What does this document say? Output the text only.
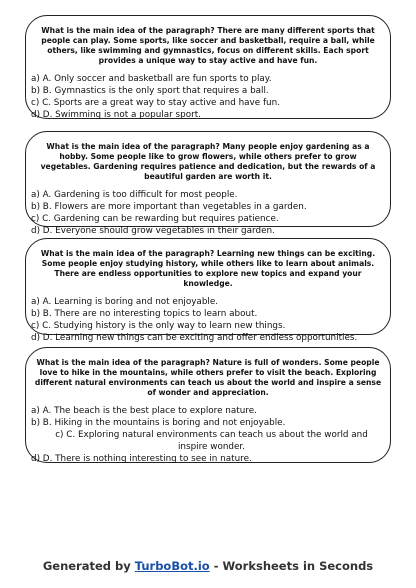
What is the main idea of the paragraph? There are many different sports that people can play. Some sports, like soccer and basketball, require a ball, while others, like swimming and gymnastics, focus on different skills. Each sport provides a unique way to stay active and have fun.

a) A. Only soccer and basketball are fun sports to play.
b) B. Gymnastics is the only sport that requires a ball.
c) C. Sports are a great way to stay active and have fun.
d) D. Swimming is not a popular sport.

What is the main idea of the paragraph? Many people enjoy gardening as a hobby. Some people like to grow flowers, while others prefer to grow vegetables. Gardening requires patience and dedication, but the rewards of a beautiful garden are worth it.

a) A. Gardening is too difficult for most people.
b) B. Flowers are more important than vegetables in a garden.
c) C. Gardening can be rewarding but requires patience.
d) D. Everyone should grow vegetables in their garden.

What is the main idea of the paragraph? Learning new things can be exciting. Some people enjoy studying history, while others like to learn about animals. There are endless opportunities to explore new topics and expand your knowledge.

a) A. Learning is boring and not enjoyable.
b) B. There are no interesting topics to learn about.
c) C. Studying history is the only way to learn new things.
d) D. Learning new things can be exciting and offer endless opportunities.

What is the main idea of the paragraph? Nature is full of wonders. Some people love to hike in the mountains, while others prefer to visit the beach. Exploring different natural environments can teach us about the world and inspire a sense of wonder and appreciation.

a) A. The beach is the best place to explore nature.
b) B. Hiking in the mountains is boring and not enjoyable.
c) C. Exploring natural environments can teach us about the world and inspire wonder.
d) D. There is nothing interesting to see in nature.
Generated by TurboBot.io - Worksheets in Seconds
